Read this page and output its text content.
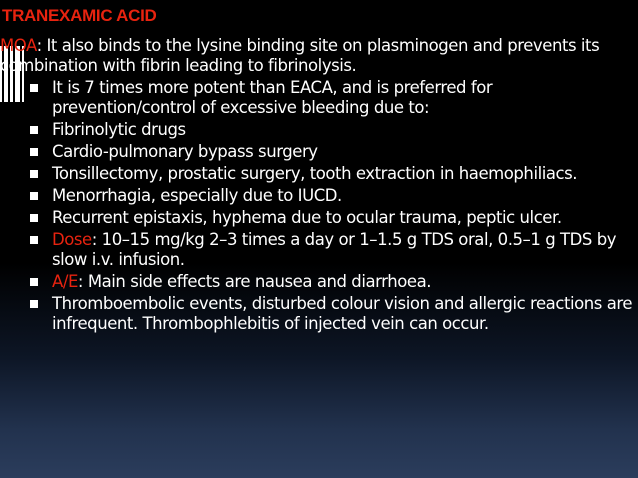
TRANEXAMIC ACID
MOA: It also binds to the lysine binding site on plasminogen and prevents its combination with fibrin leading to fibrinolysis.
It is 7 times more potent than EACA, and is preferred for prevention/control of excessive bleeding due to:
Fibrinolytic drugs
Cardio-pulmonary bypass surgery
Tonsillectomy, prostatic surgery, tooth extraction in haemophiliacs.
Menorrhagia, especially due to IUCD.
Recurrent epistaxis, hyphema due to ocular trauma, peptic ulcer.
Dose: 10–15 mg/kg 2–3 times a day or 1–1.5 g TDS oral, 0.5–1 g TDS by slow i.v. infusion.
A/E: Main side effects are nausea and diarrhoea.
Thromboembolic events, disturbed colour vision and allergic reactions are infrequent. Thrombophlebitis of injected vein can occur.
